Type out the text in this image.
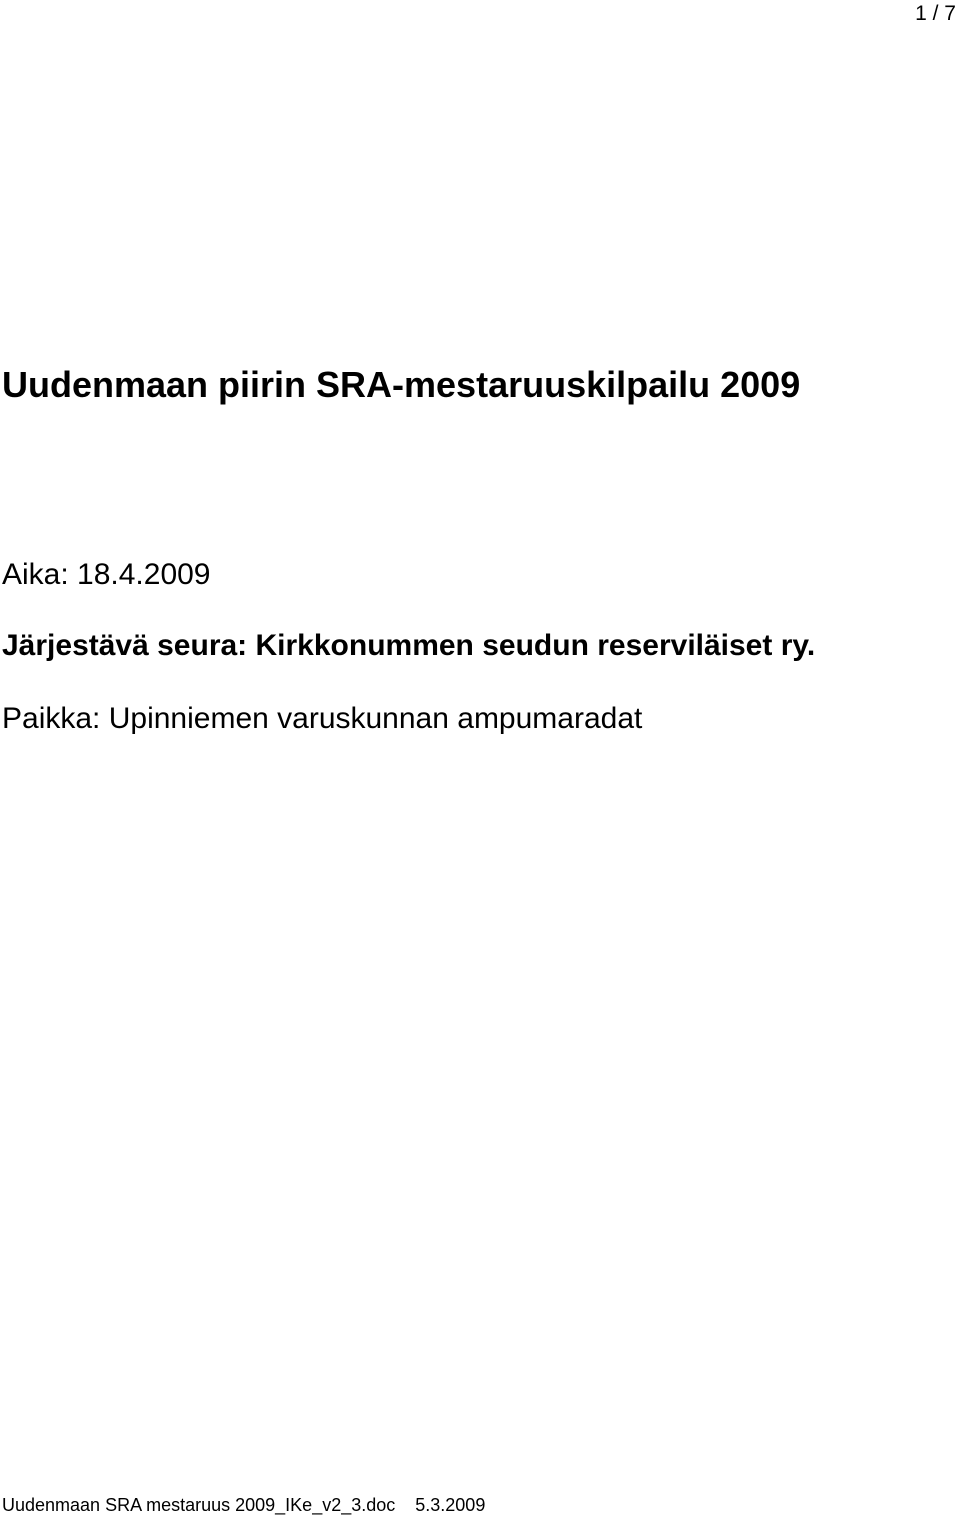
1 / 7
Uudenmaan piirin SRA-mestaruuskilpailu 2009

Aika: 18.4.2009

Järjestävä seura: Kirkkonummen seudun reserviläiset ry.

Paikka: Upinniemen varuskunnan ampumaradat

Uudenmaan SRA mestaruus 2009_IKe_v2_3.doc 5.3.2009
